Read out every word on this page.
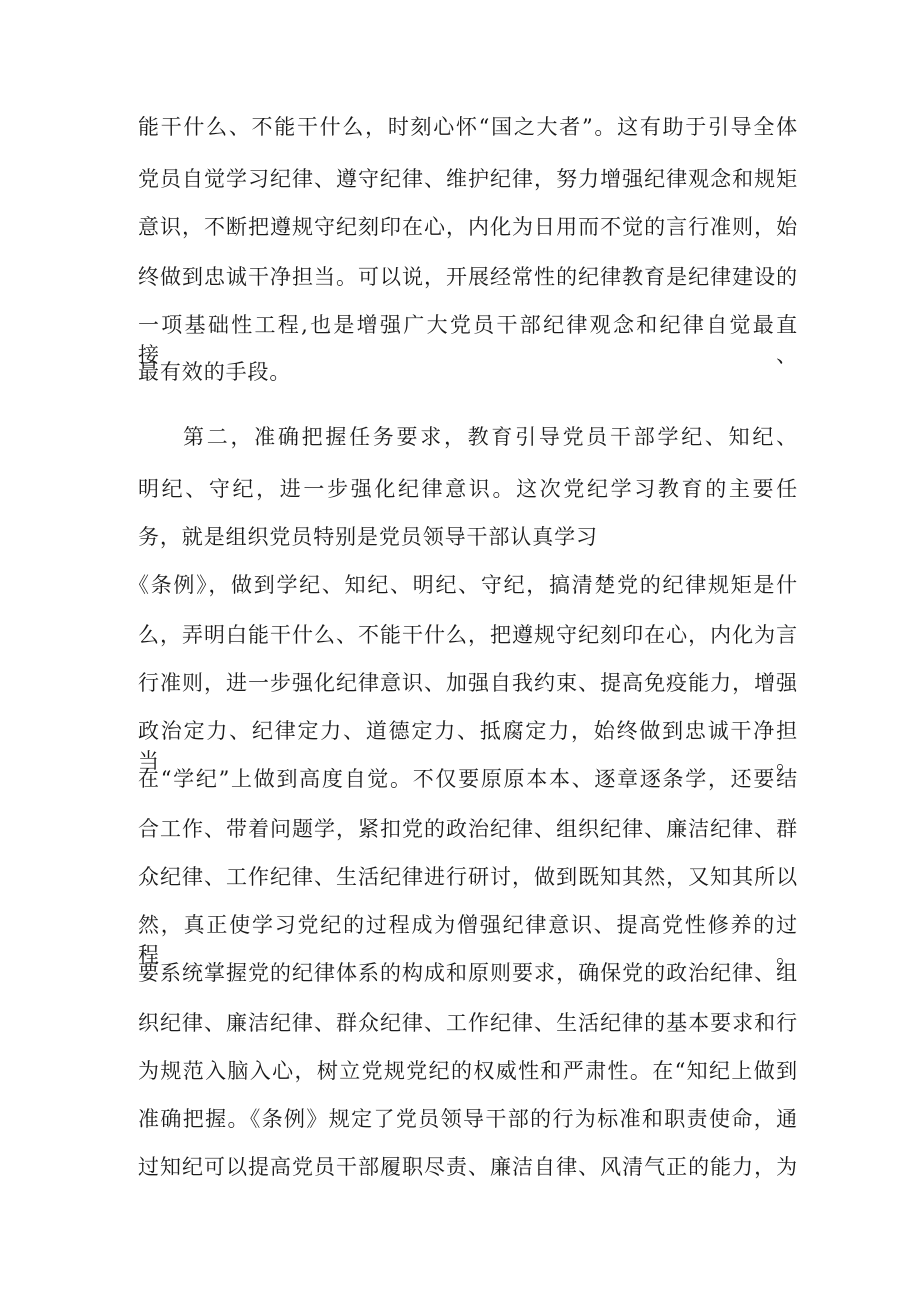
能干什么、不能干什么，时刻心怀“国之大者”。这有助于引导全体
党员自觉学习纪律、遵守纪律、维护纪律，努力增强纪律观念和规矩
意识，不断把遵规守纪刻印在心，内化为日用而不觉的言行准则，始
终做到忠诚干净担当。可以说，开展经常性的纪律教育是纪律建设的
一项基础性工程,也是增强广大党员干部纪律观念和纪律自觉最直接、
最有效的手段。
第二，准确把握任务要求，教育引导党员干部学纪、知纪、
明纪、守纪，进一步强化纪律意识。这次党纪学习教育的主要任
务，就是组织党员特别是党员领导干部认真学习
《条例》，做到学纪、知纪、明纪、守纪，搞清楚党的纪律规矩是什
么，弄明白能干什么、不能干什么，把遵规守纪刻印在心，内化为言
行准则，进一步强化纪律意识、加强自我约束、提高免疫能力，增强
政治定力、纪律定力、道德定力、抵腐定力，始终做到忠诚干净担当。
在“学纪”上做到高度自觉。不仅要原原本本、逐章逐条学，还要结
合工作、带着问题学，紧扣党的政治纪律、组织纪律、廉洁纪律、群
众纪律、工作纪律、生活纪律进行研讨，做到既知其然，又知其所以
然，真正使学习党纪的过程成为僧强纪律意识、提高党性修养的过程。
要系统掌握党的纪律体系的构成和原则要求，确保党的政治纪律、组
织纪律、廉洁纪律、群众纪律、工作纪律、生活纪律的基本要求和行
为规范入脑入心，树立党规党纪的权威性和严肃性。在“知纪上做到
准确把握。《条例》规定了党员领导干部的行为标准和职责使命，通
过知纪可以提高党员干部履职尽责、廉洁自律、风清气正的能力，为
